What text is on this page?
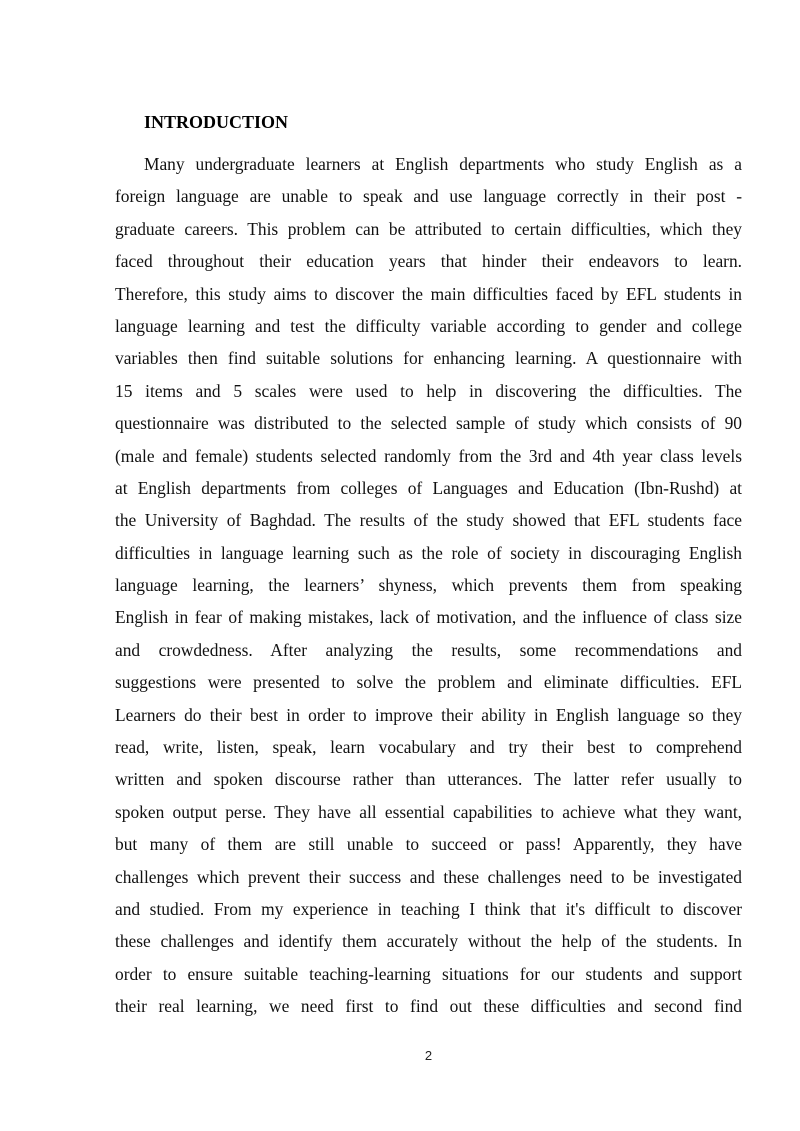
INTRODUCTION
Many undergraduate learners at English departments who study English as a
foreign language are unable to speak and use language correctly in their post -
graduate careers. This problem can be attributed to certain difficulties, which they
faced throughout their education years that hinder their endeavors to learn.
Therefore, this study aims to discover the main difficulties faced by EFL students in
language learning and test the difficulty variable according to gender and college
variables then find suitable solutions for enhancing learning. A questionnaire with
15 items and 5 scales were used to help in discovering the difficulties. The
questionnaire was distributed to the selected sample of study which consists of 90
(male and female) students selected randomly from the 3rd and 4th year class levels
at English departments from colleges of Languages and Education (Ibn-Rushd) at
the University of Baghdad. The results of the study showed that EFL students face
difficulties in language learning such as the role of society in discouraging English
language learning, the learners’ shyness, which prevents them from speaking
English in fear of making mistakes, lack of motivation, and the influence of class size
and crowdedness. After analyzing the results, some recommendations and
suggestions were presented to solve the problem and eliminate difficulties. EFL
Learners do their best in order to improve their ability in English language so they
read, write, listen, speak, learn vocabulary and try their best to comprehend
written and spoken discourse rather than utterances. The latter refer usually to
spoken output perse. They have all essential capabilities to achieve what they want,
but many of them are still unable to succeed or pass! Apparently, they have
challenges which prevent their success and these challenges need to be investigated
and studied. From my experience in teaching I think that it's difficult to discover
these challenges and identify them accurately without the help of the students. In
order to ensure suitable teaching-learning situations for our students and support
their real learning, we need first to find out these difficulties and second find

2
